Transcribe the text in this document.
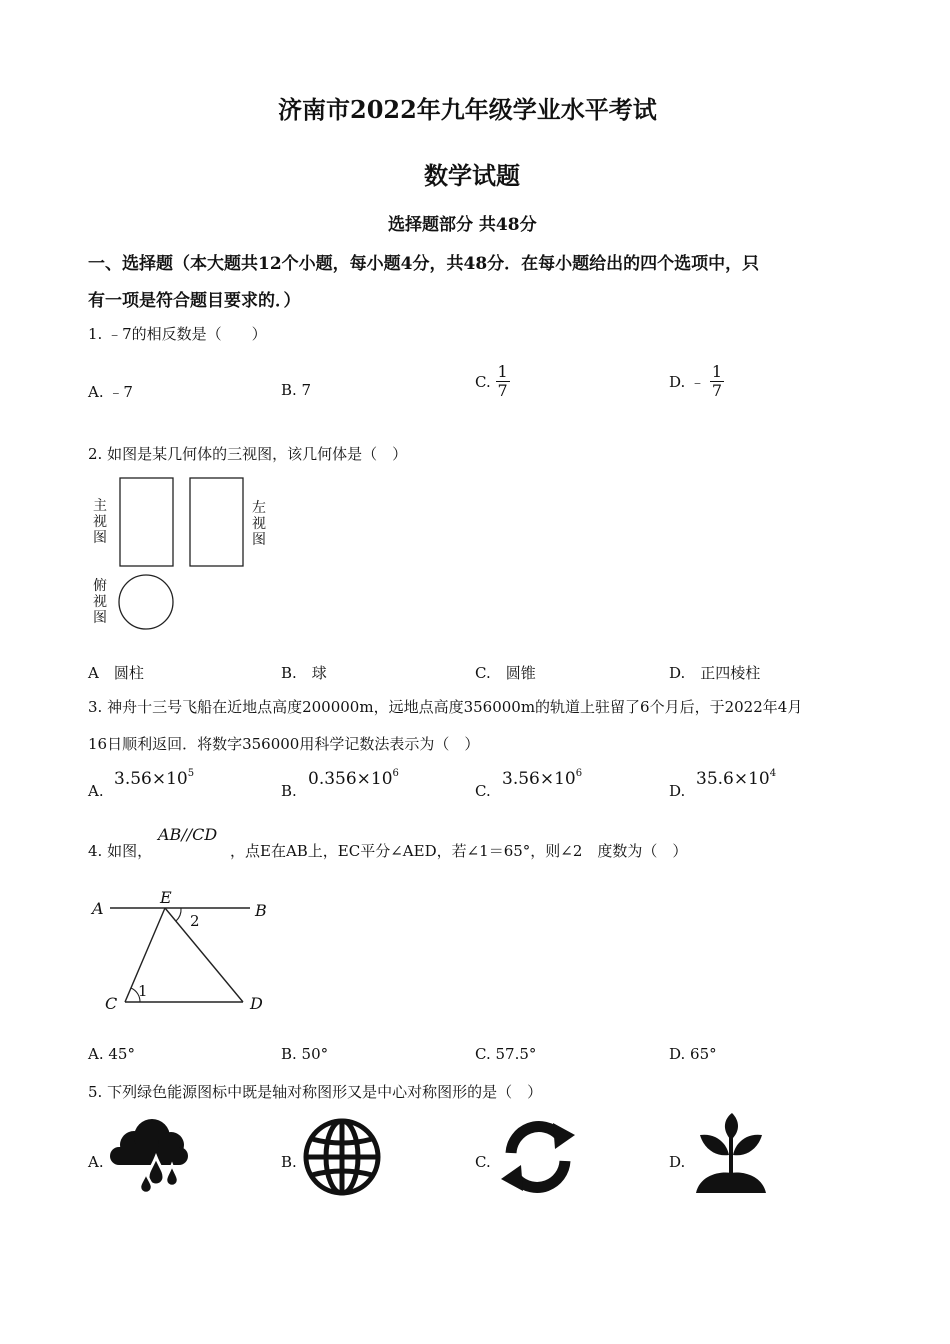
济南市2022年九年级学业水平考试
数学试题
选择题部分 共48分
一、选择题（本大题共12个小题，每小题4分，共48分．在每小题给出的四个选项中，只
有一项是符合题目要求的．）
1. ﹣7的相反数是（　　）
A. ﹣7	B. 7	C. $\frac{1}{7}$	D. ﹣ $\frac{1}{7}$
2. 如图是某几何体的三视图，该几何体是（　）
主视图
左视图
俯视图
A　圆柱	B.　球	C.　圆锥	D.　正四棱柱
3. 神舟十三号飞船在近地点高度200000m，远地点高度356000m的轨道上驻留了6个月后，于2022年4月
16日顺利返回．将数字356000用科学记数法表示为（　）
A.
$3.56\times 10^5$
B.
$0.356\times 10^6$
C.
$3.56\times 10^6$
D.
$35.6\times 10^4$
4. 如图，
AB//CD
，点E在AB上，EC平分∠AED，若∠1＝65°，则∠2　度数为（　）
A	B
E
C	D
2
1
A. 45°	B. 50°	C. 57.5°	D. 65°
5. 下列绿色能源图标中既是轴对称图形又是中心对称图形的是（　）
A.	B.	C.	D.
